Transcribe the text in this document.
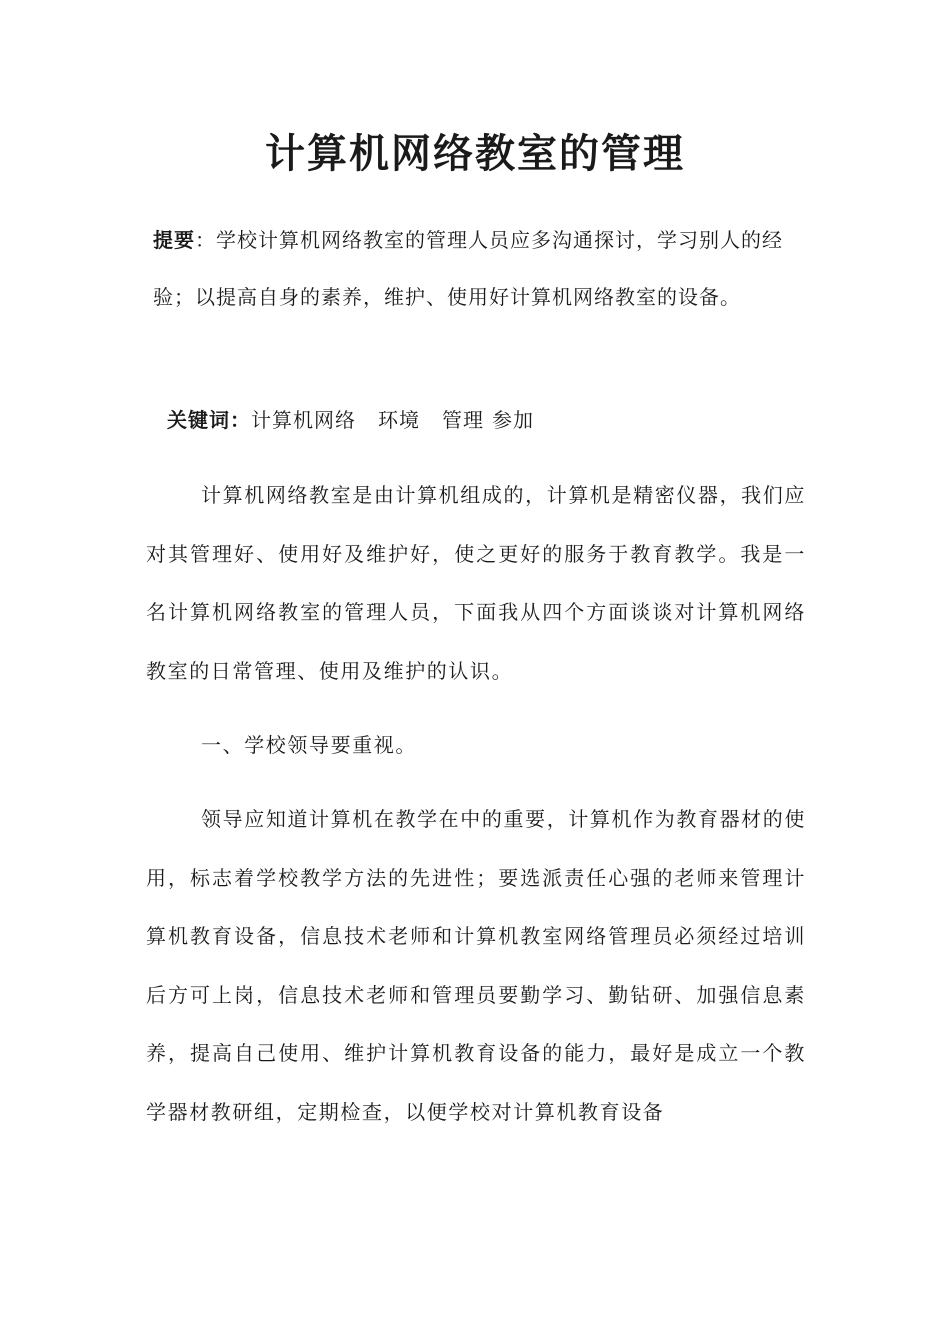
计算机网络教室的管理

提要：学校计算机网络教室的管理人员应多沟通探讨，学习别人的经验；以提高自身的素养，维护、使用好计算机网络教室的设备。

关键词：计算机网络 环境 管理 参加

计算机网络教室是由计算机组成的，计算机是精密仪器，我们应对其管理好、使用好及维护好，使之更好的服务于教育教学。我是一名计算机网络教室的管理人员，下面我从四个方面谈谈对计算机网络教室的日常管理、使用及维护的认识。

一、学校领导要重视。

领导应知道计算机在教学在中的重要，计算机作为教育器材的使用，标志着学校教学方法的先进性；要选派责任心强的老师来管理计算机教育设备，信息技术老师和计算机教室网络管理员必须经过培训后方可上岗，信息技术老师和管理员要勤学习、勤钻研、加强信息素养，提高自己使用、维护计算机教育设备的能力，最好是成立一个教学器材教研组，定期检查，以便学校对计算机教育设备
